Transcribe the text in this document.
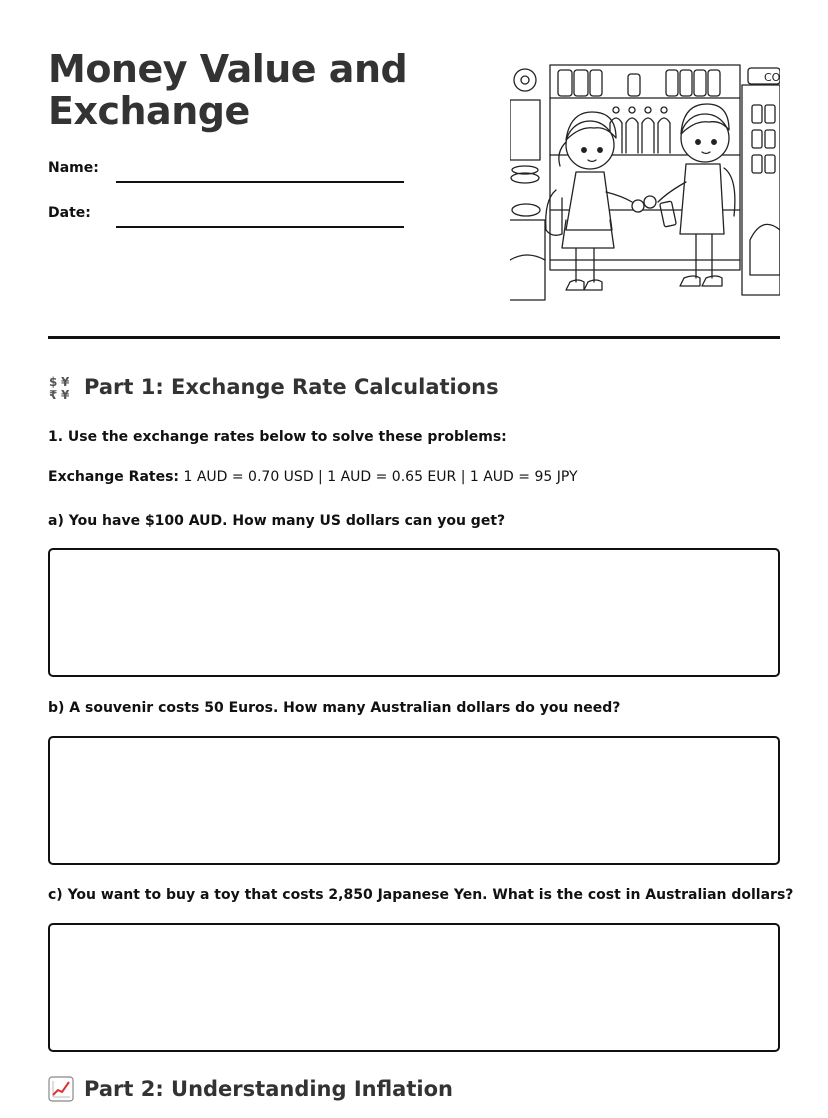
Money Value and Exchange
Name:
Date:
CO
$ ¥
₹ ¥ Part 1: Exchange Rate Calculations
1. Use the exchange rates below to solve these problems:
Exchange Rates: 1 AUD = 0.70 USD | 1 AUD = 0.65 EUR | 1 AUD = 95 JPY
a) You have $100 AUD. How many US dollars can you get?
b) A souvenir costs 50 Euros. How many Australian dollars do you need?
c) You want to buy a toy that costs 2,850 Japanese Yen. What is the cost in Australian dollars?
Part 2: Understanding Inflation
